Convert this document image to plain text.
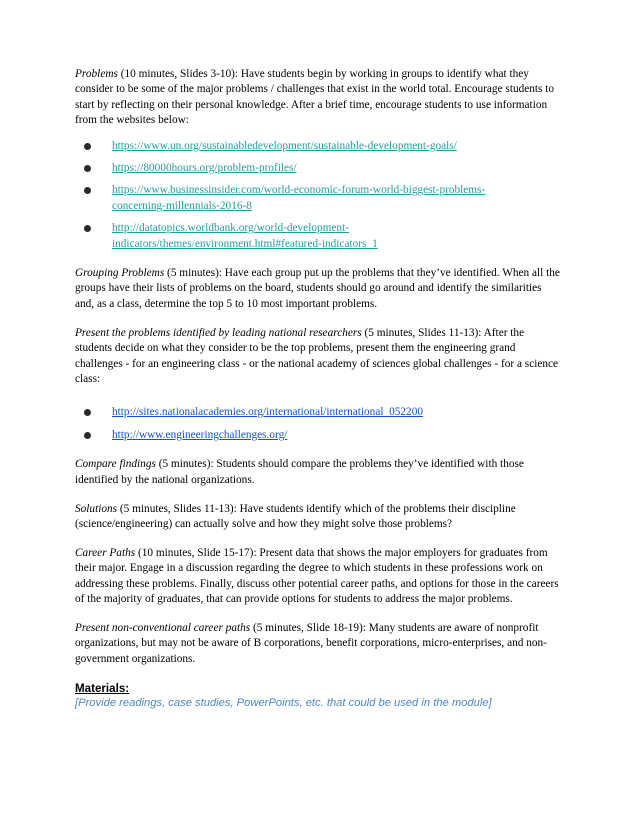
Problems (10 minutes, Slides 3-10): Have students begin by working in groups to identify what they consider to be some of the major problems / challenges that exist in the world total. Encourage students to start by reflecting on their personal knowledge. After a brief time, encourage students to use information from the websites below:

https://www.un.org/sustainabledevelopment/sustainable-development-goals/
https://80000hours.org/problem-profiles/
https://www.businessinsider.com/world-economic-forum-world-biggest-problems-
concerning-millennials-2016-8
http://datatopics.worldbank.org/world-development-
indicators/themes/environment.html#featured-indicators_1

Grouping Problems (5 minutes): Have each group put up the problems that they’ve identified. When all the groups have their lists of problems on the board, students should go around and identify the similarities and, as a class, determine the top 5 to 10 most important problems.

Present the problems identified by leading national researchers (5 minutes, Slides 11-13): After the students decide on what they consider to be the top problems, present them the engineering grand challenges - for an engineering class - or the national academy of sciences global challenges - for a science class:

http://sites.nationalacademies.org/international/international_052200
http://www.engineeringchallenges.org/

Compare findings (5 minutes): Students should compare the problems they’ve identified with those identified by the national organizations.

Solutions (5 minutes, Slides 11-13): Have students identify which of the problems their discipline (science/engineering) can actually solve and how they might solve those problems?

Career Paths (10 minutes, Slide 15-17): Present data that shows the major employers for graduates from their major. Engage in a discussion regarding the degree to which students in these professions work on addressing these problems. Finally, discuss other potential career paths, and options for those in the careers of the majority of graduates, that can provide options for students to address the major problems.

Present non-conventional career paths (5 minutes, Slide 18-19): Many students are aware of nonprofit organizations, but may not be aware of B corporations, benefit corporations, micro-enterprises, and non-government organizations.

Materials:
[Provide readings, case studies, PowerPoints, etc. that could be used in the module]
